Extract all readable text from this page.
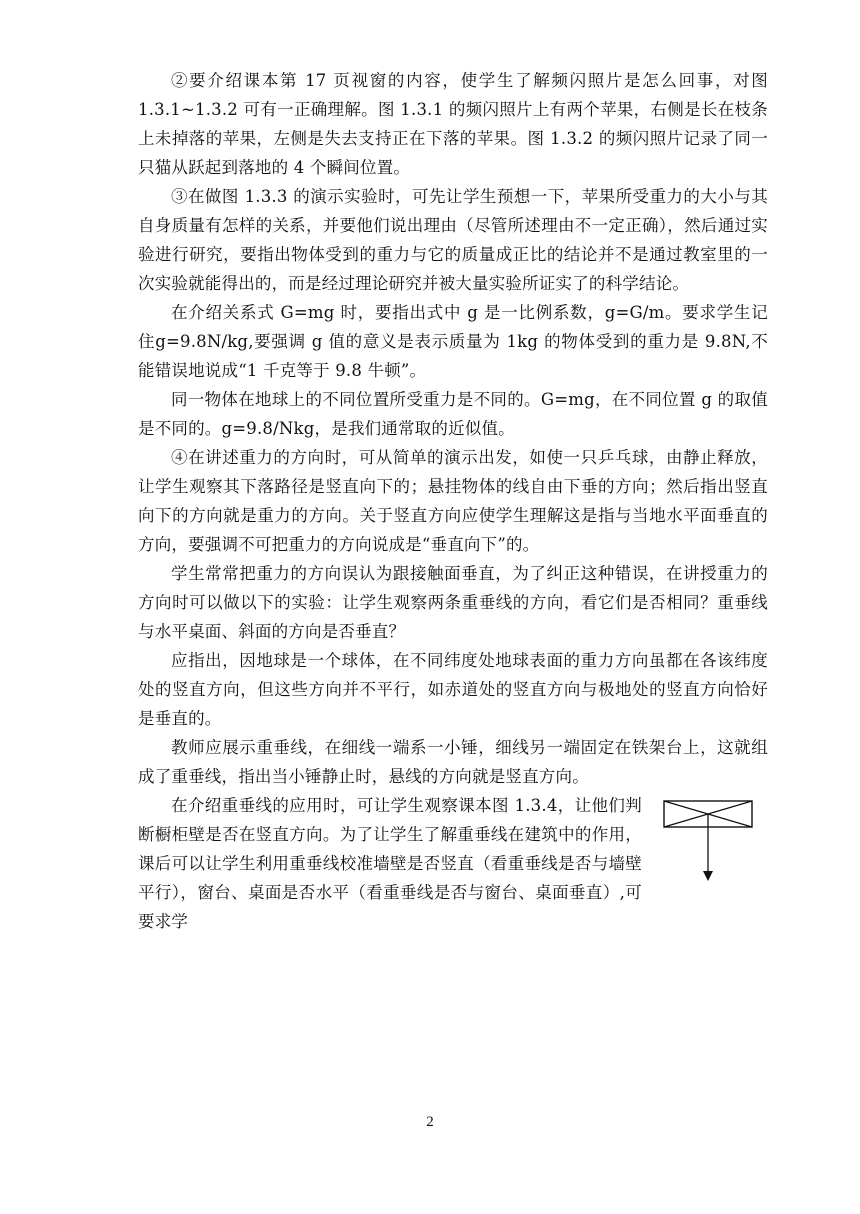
②要介绍课本第 17 页视窗的内容，使学生了解频闪照片是怎么回事，对图 1.3.1~1.3.2 可有一正确理解。图 1.3.1 的频闪照片上有两个苹果，右侧是长在枝条上未掉落的苹果，左侧是失去支持正在下落的苹果。图 1.3.2 的频闪照片记录了同一只猫从跃起到落地的 4 个瞬间位置。

③在做图 1.3.3 的演示实验时，可先让学生预想一下，苹果所受重力的大小与其自身质量有怎样的关系，并要他们说出理由（尽管所述理由不一定正确），然后通过实验进行研究，要指出物体受到的重力与它的质量成正比的结论并不是通过教室里的一次实验就能得出的，而是经过理论研究并被大量实验所证实了的科学结论。

在介绍关系式 G=mg 时，要指出式中 g 是一比例系数，g=G/m。要求学生记住g=9.8N/kg,要强调 g 值的意义是表示质量为 1kg 的物体受到的重力是 9.8N,不能错误地说成“1 千克等于 9.8 牛顿”。

同一物体在地球上的不同位置所受重力是不同的。G=mg，在不同位置 g 的取值是不同的。g=9.8/Nkg，是我们通常取的近似值。

④在讲述重力的方向时，可从简单的演示出发，如使一只乒乓球，由静止释放，让学生观察其下落路径是竖直向下的；悬挂物体的线自由下垂的方向；然后指出竖直向下的方向就是重力的方向。关于竖直方向应使学生理解这是指与当地水平面垂直的方向，要强调不可把重力的方向说成是“垂直向下”的。

学生常常把重力的方向误认为跟接触面垂直，为了纠正这种错误，在讲授重力的方向时可以做以下的实验：让学生观察两条重垂线的方向，看它们是否相同？重垂线与水平桌面、斜面的方向是否垂直？

应指出，因地球是一个球体，在不同纬度处地球表面的重力方向虽都在各该纬度处的竖直方向，但这些方向并不平行，如赤道处的竖直方向与极地处的竖直方向恰好是垂直的。

教师应展示重垂线，在细线一端系一小锤，细线另一端固定在铁架台上，这就组成了重垂线，指出当小锤静止时，悬线的方向就是竖直方向。

在介绍重垂线的应用时，可让学生观察课本图 1.3.4，让他们判断橱柜壁是否在竖直方向。为了让学生了解重垂线在建筑中的作用，课后可以让学生利用重垂线校准墙壁是否竖直（看重垂线是否与墙壁平行），窗台、桌面是否水平（看重垂线是否与窗台、桌面垂直）,可要求学

2
